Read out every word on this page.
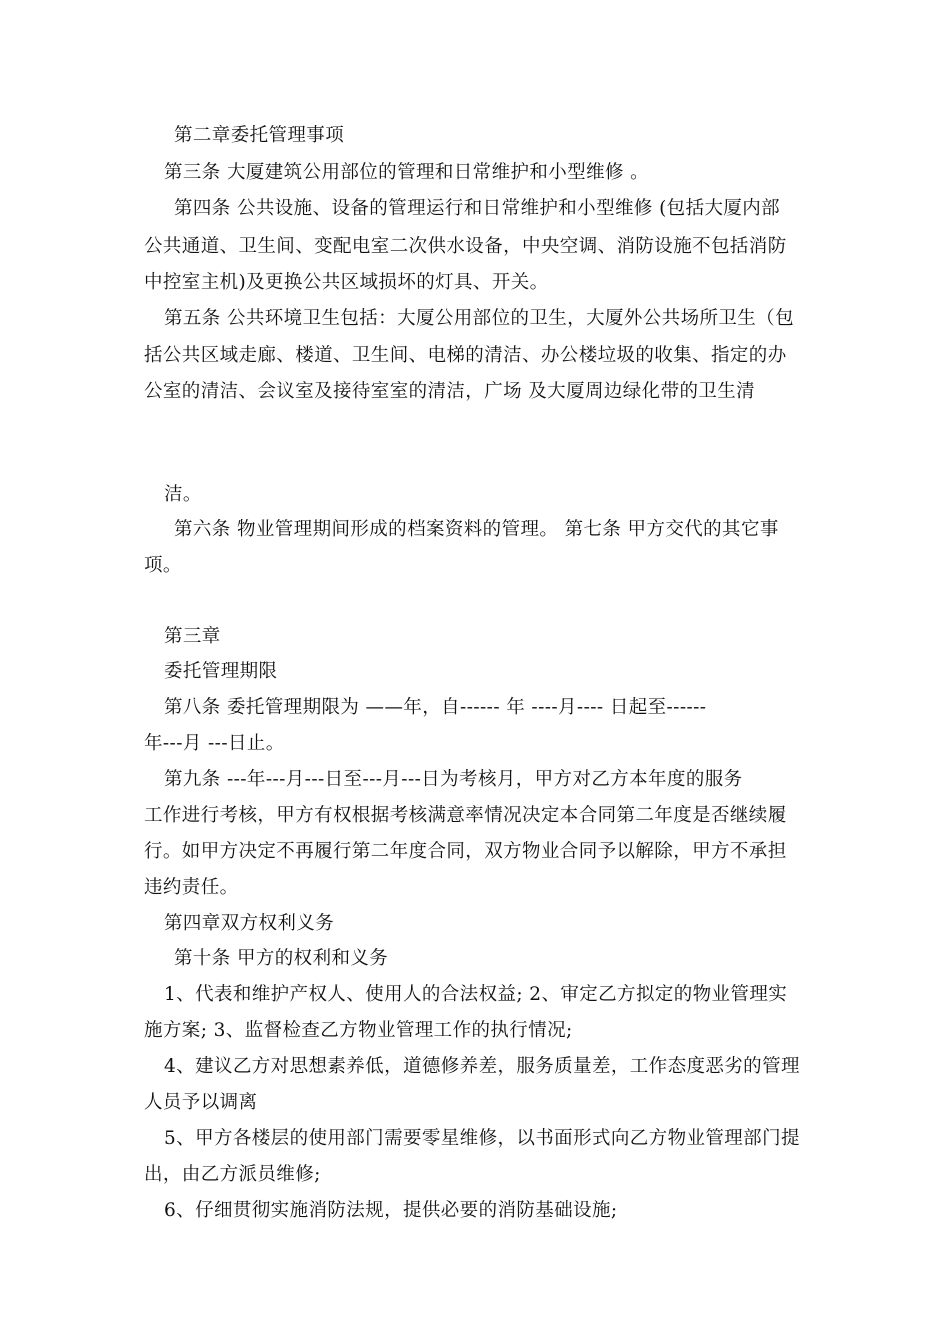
第二章委托管理事项
第三条 大厦建筑公用部位的管理和日常维护和小型维修 。
第四条 公共设施、设备的管理运行和日常维护和小型维修 (包括大厦内部
公共通道、卫生间、变配电室二次供水设备，中央空调、消防设施不包括消防
中控室主机)及更换公共区域损坏的灯具、开关。
第五条 公共环境卫生包括：大厦公用部位的卫生，大厦外公共场所卫生（包
括公共区域走廊、楼道、卫生间、电梯的清洁、办公楼垃圾的收集、指定的办
公室的清洁、会议室及接待室室的清洁，广场 及大厦周边绿化带的卫生清
洁。
第六条 物业管理期间形成的档案资料的管理。 第七条 甲方交代的其它事
项。
第三章
委托管理期限
第八条 委托管理期限为 ——年，自------ 年 ----月---- 日起至------
年---月 ---日止。
第九条 ---年---月---日至---月---日为考核月，甲方对乙方本年度的服务
工作进行考核，甲方有权根据考核满意率情况决定本合同第二年度是否继续履
行。如甲方决定不再履行第二年度合同，双方物业合同予以解除，甲方不承担
违约责任。
第四章双方权利义务
第十条 甲方的权利和义务
1、代表和维护产权人、使用人的合法权益; 2、审定乙方拟定的物业管理实
施方案; 3、监督检查乙方物业管理工作的执行情况;
4、建议乙方对思想素养低，道德修养差，服务质量差，工作态度恶劣的管理
人员予以调离
5、甲方各楼层的使用部门需要零星维修，以书面形式向乙方物业管理部门提
出，由乙方派员维修;
6、仔细贯彻实施消防法规，提供必要的消防基础设施;
